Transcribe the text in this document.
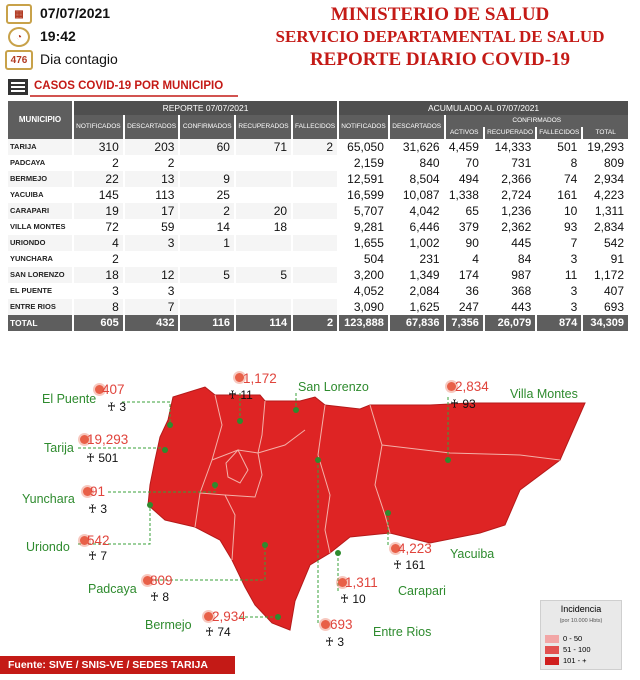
▦	07/07/2021
◔	19:42
476 Dia contagio
MINISTERIO DE SALUD
SERVICIO DEPARTAMENTAL DE SALUD
REPORTE DIARIO COVID-19
CASOS COVID-19 POR MUNICIPIO
MUNICIPIO	REPORTE 07/07/2021					ACUMULADO AL 07/07/2021					
	NOTIFICADOS	DESCARTADOS	CONFIRMADOS	RECUPERADOS	FALLECIDOS	NOTIFICADOS	DESCARTADOS	CONFIRMADOS			
								ACTIVOS	RECUPERADO	FALLECIDOS	TOTAL
TARIJA	310	203	60	71	2	65,050	31,626	4,459	14,333	501	19,293
PADCAYA	2	2				2,159	840	70	731	8	809
BERMEJO	22	13	9			12,591	8,504	494	2,366	74	2,934
YACUIBA	145	113	25			16,599	10,087	1,338	2,724	161	4,223
CARAPARI	19	17	2	20		5,707	4,042	65	1,236	10	1,311
VILLA MONTES	72	59	14	18		9,281	6,446	379	2,362	93	2,834
URIONDO	4	3	1			1,655	1,002	90	445	7	542
YUNCHARA	2					504	231	4	84	3	91
SAN LORENZO	18	12	5	5		3,200	1,349	174	987	11	1,172
EL PUENTE	3	3				4,052	2,084	36	368	3	407
ENTRE RIOS	8	7				3,090	1,625	247	443	3	693
TOTAL	605	432	116	114	2	123,888	67,836	7,356	26,079	874	34,309
El Puente
407
♰ 3
San Lorenzo
1,172
♰ 11	Villa Montes
2,834
♰ 93
Tarija
19,293
♰ 501
Yunchara 91
♰ 3
Uriondo 542
♰ 7	Yacuiba
4,223
♰ 161
Padcaya
809
♰ 8	Carapari
1,311
♰ 10
Bermejo
2,934
♰ 74	Entre Rios
693
♰ 3
Incidencia
(por 10.000 Hbts)
0 - 50
51 - 100
101 - +
Fuente: SIVE / SNIS-VE / SEDES TARIJA
